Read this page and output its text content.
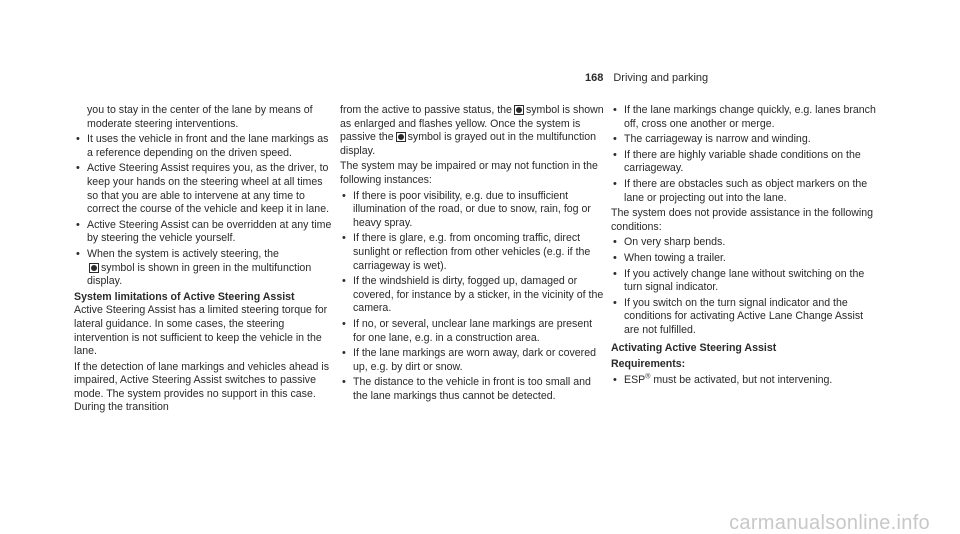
168 Driving and parking

you to stay in the center of the lane by means of moderate steering interventions.

• It uses the vehicle in front and the lane markings as a reference depending on the driven speed.
• Active Steering Assist requires you, as the driver, to keep your hands on the steering wheel at all times so that you are able to intervene at any time to correct the course of the vehicle and keep it in lane.
• Active Steering Assist can be overridden at any time by steering the vehicle yourself.
• When the system is actively steering, the
symbol is shown in green in the multifunction display.

System limitations of Active Steering Assist

Active Steering Assist has a limited steering torque for lateral guidance. In some cases, the steering intervention is not sufficient to keep the vehicle in the lane.

If the detection of lane markings and vehicles ahead is impaired, Active Steering Assist switches to passive mode. The system provides no support in this case. During the transition

from the active to passive status, the symbol is shown as enlarged and flashes yellow. Once the system is passive the symbol is grayed out in the multifunction display.

The system may be impaired or may not function in the following instances:

• If there is poor visibility, e.g. due to insufficient illumination of the road, or due to snow, rain, fog or heavy spray.
• If there is glare, e.g. from oncoming traffic, direct sunlight or reflection from other vehicles (e.g. if the carriageway is wet).
• If the windshield is dirty, fogged up, damaged or covered, for instance by a sticker, in the vicinity of the camera.
• If no, or several, unclear lane markings are present for one lane, e.g. in a construction area.
• If the lane markings are worn away, dark or covered up, e.g. by dirt or snow.
• The distance to the vehicle in front is too small and the lane markings thus cannot be detected.
• If the lane markings change quickly, e.g. lanes branch off, cross one another or merge.
• The carriageway is narrow and winding.
• If there are highly variable shade conditions on the carriageway.
• If there are obstacles such as object markers on the lane or projecting out into the lane.

The system does not provide assistance in the following conditions:

• On very sharp bends.
• When towing a trailer.
• If you actively change lane without switching on the turn signal indicator.
• If you switch on the turn signal indicator and the conditions for activating Active Lane Change Assist are not fulfilled.

Activating Active Steering Assist

Requirements:

• ESP® must be activated, but not intervening.
carmanualsonline.info
